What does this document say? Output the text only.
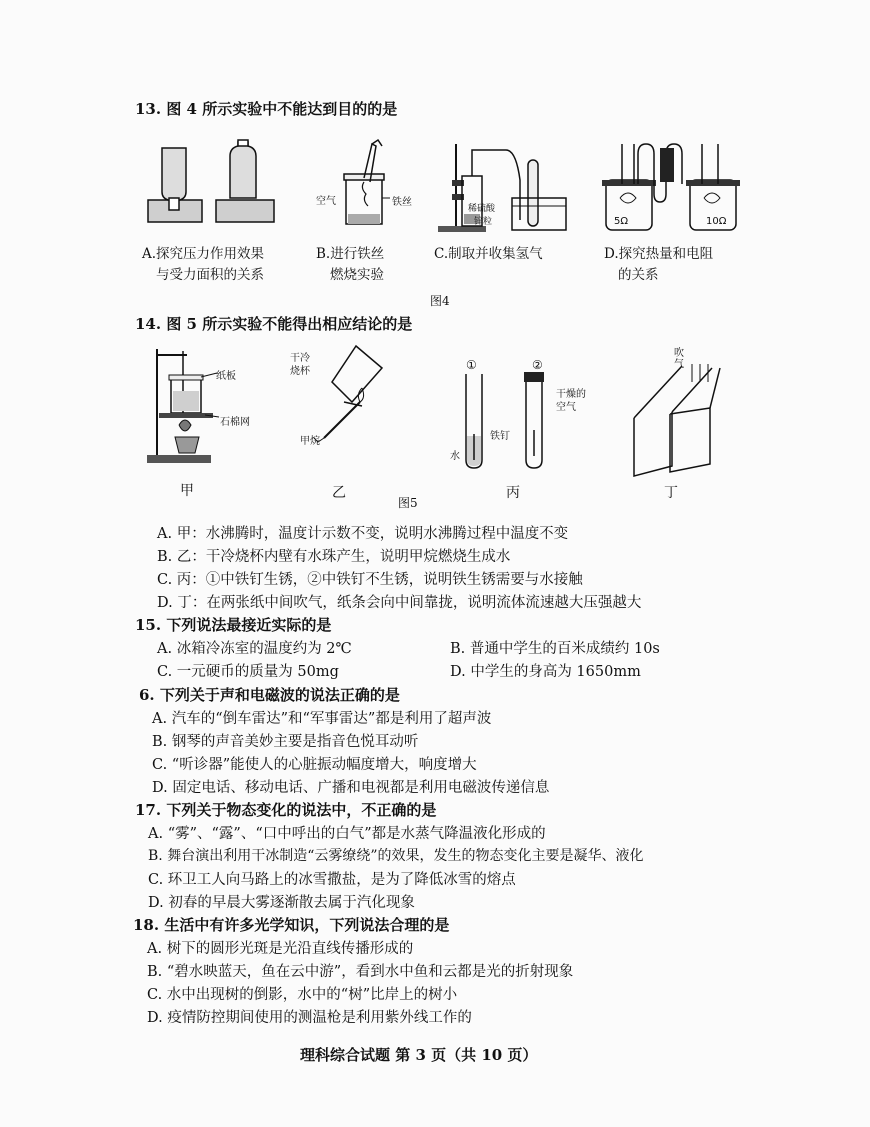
13. 图 4 所示实验中不能达到目的的是
A.探究压力作用效果
与受力面积的关系
空气	铁丝
B.进行铁丝
燃烧实验
稀硫酸
锌粒
C.制取并收集氢气
5Ω	10Ω
D.探究热量和电阻
的关系
图4
14. 图 5 所示实验不能得出相应结论的是
纸板
石棉网
甲
干冷
烧杯
甲烷
乙
图5
①	②
干燥的
空气
铁钉
水
丙
吹气
丁
A. 甲：水沸腾时，温度计示数不变，说明水沸腾过程中温度不变
B. 乙：干冷烧杯内壁有水珠产生，说明甲烷燃烧生成水
C. 丙：①中铁钉生锈，②中铁钉不生锈，说明铁生锈需要与水接触
D. 丁：在两张纸中间吹气，纸条会向中间靠拢，说明流体流速越大压强越大
15. 下列说法最接近实际的是
A. 冰箱冷冻室的温度约为 2℃	B. 普通中学生的百米成绩约 10s
C. 一元硬币的质量为 50mg	D. 中学生的身高为 1650mm
6. 下列关于声和电磁波的说法正确的是
A. 汽车的“倒车雷达”和“军事雷达”都是利用了超声波
B. 钢琴的声音美妙主要是指音色悦耳动听
C. “听诊器”能使人的心脏振动幅度增大，响度增大
D. 固定电话、移动电话、广播和电视都是利用电磁波传递信息
17. 下列关于物态变化的说法中，不正确的是
A. “雾”、“露”、“口中呼出的白气”都是水蒸气降温液化形成的
B. 舞台演出利用干冰制造“云雾缭绕”的效果，发生的物态变化主要是凝华、液化
C. 环卫工人向马路上的冰雪撒盐，是为了降低冰雪的熔点
D. 初春的早晨大雾逐渐散去属于汽化现象
18. 生活中有许多光学知识，下列说法合理的是
A. 树下的圆形光斑是光沿直线传播形成的
B. “碧水映蓝天，鱼在云中游”，看到水中鱼和云都是光的折射现象
C. 水中出现树的倒影，水中的“树”比岸上的树小
D. 疫情防控期间使用的测温枪是利用紫外线工作的
理科综合试题 第 3 页（共 10 页）
